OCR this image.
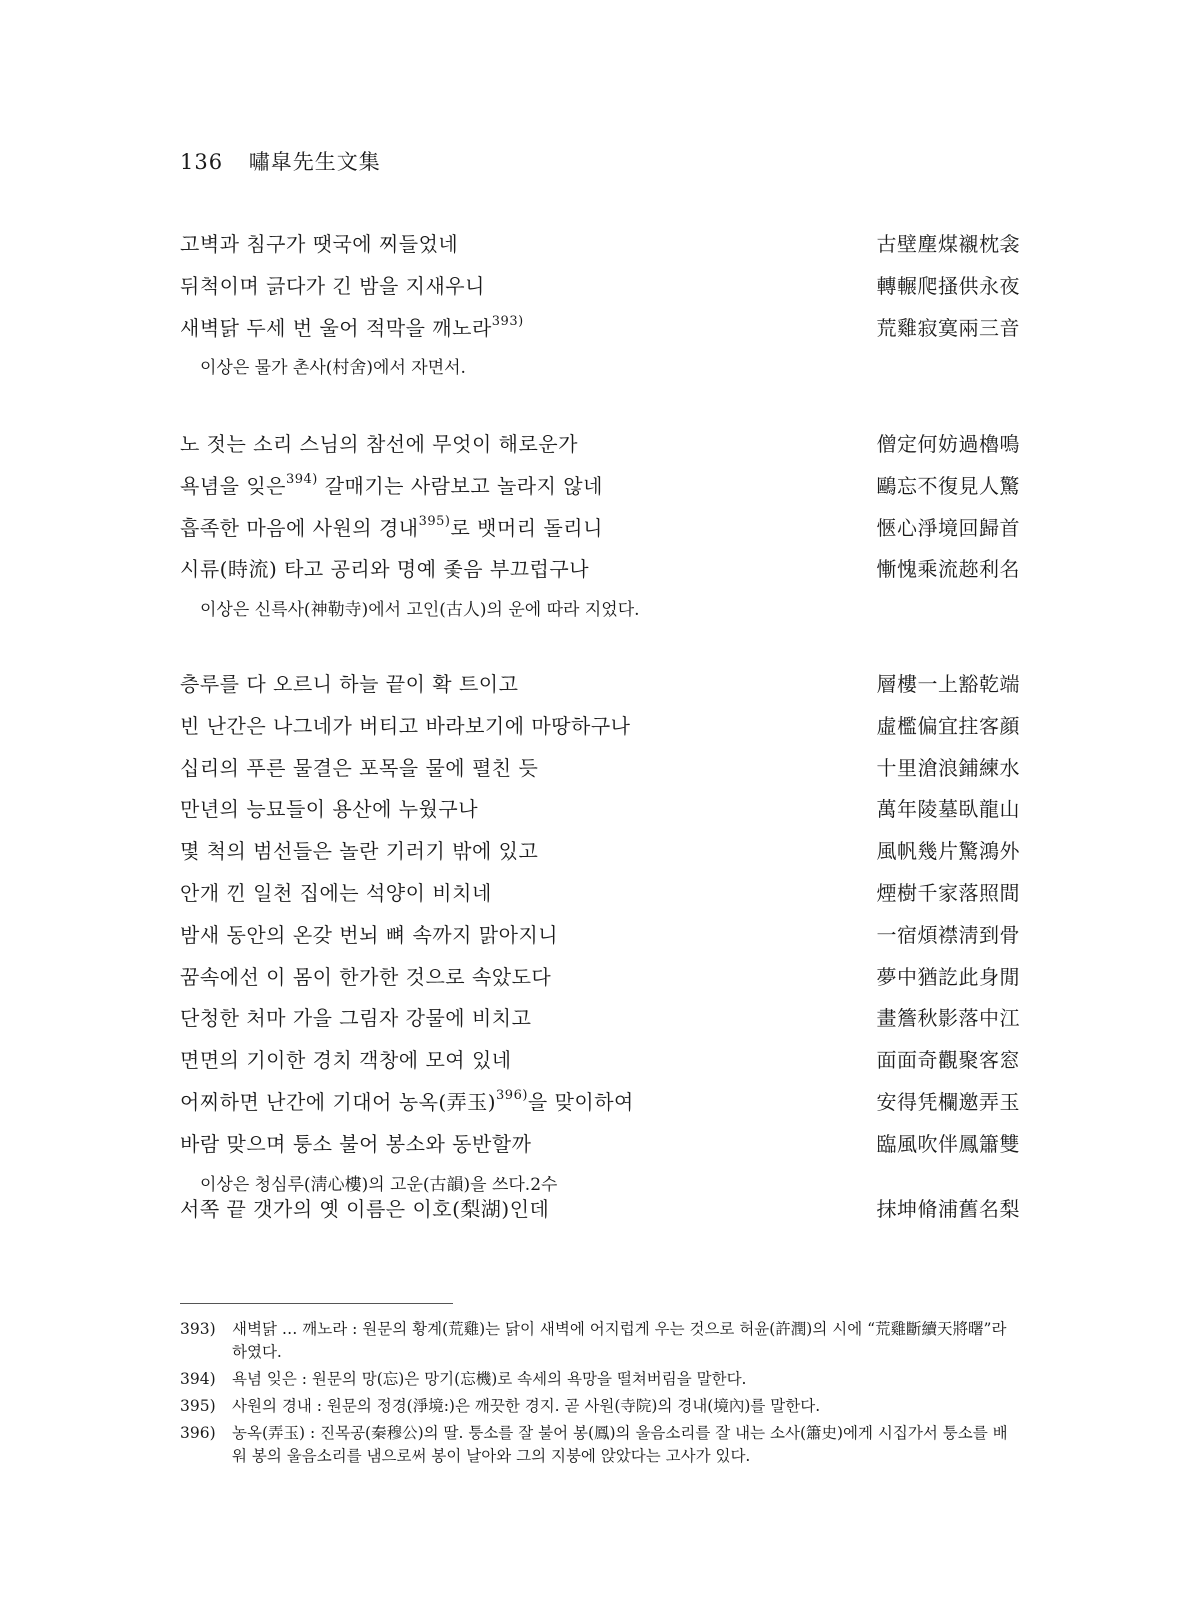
136 嘯皐先生文集
고벽과 침구가 땟국에 찌들었네	古壁塵煤襯枕衾
뒤척이며 긁다가 긴 밤을 지새우니	轉輾爬搔供永夜
새벽닭 두세 번 울어 적막을 깨노라$^{393)}$	荒雞寂寞兩三音
이상은 물가 촌사(村舍)에서 자면서.
노 젓는 소리 스님의 참선에 무엇이 해로운가	僧定何妨過櫓鳴
욕념을 잊은$^{394)}$ 갈매기는 사람보고 놀라지 않네	鷗忘不復見人驚
흡족한 마음에 사원의 경내$^{395)}$로 뱃머리 돌리니	愜心淨境回歸首
시류(時流) 타고 공리와 명예 좇음 부끄럽구나	慚愧乘流趂利名
이상은 신륵사(神勒寺)에서 고인(古人)의 운에 따라 지었다.
층루를 다 오르니 하늘 끝이 확 트이고	層樓一上豁乾端
빈 난간은 나그네가 버티고 바라보기에 마땅하구나	虛檻偏宜拄客顔
십리의 푸른 물결은 포목을 물에 펼친 듯	十里滄浪鋪練水
만년의 능묘들이 용산에 누웠구나	萬年陵墓臥龍山
몇 척의 범선들은 놀란 기러기 밖에 있고	風帆幾片驚鴻外
안개 낀 일천 집에는 석양이 비치네	煙樹千家落照間
밤새 동안의 온갖 번뇌 뼈 속까지 맑아지니	一宿煩襟淸到骨
꿈속에선 이 몸이 한가한 것으로 속았도다	夢中猶訖此身閒
단청한 처마 가을 그림자 강물에 비치고	畫簷秋影落中江
면면의 기이한 경치 객창에 모여 있네	面面奇觀聚客窓
어찌하면 난간에 기대어 농옥(弄玉)$^{396)}$을 맞이하여	安得凭欄邀弄玉
바람 맞으며 퉁소 불어 봉소와 동반할까	臨風吹伴鳳簫雙
이상은 청심루(淸心樓)의 고운(古韻)을 쓰다.2수
서쪽 끝 갯가의 옛 이름은 이호(梨湖)인데	抹坤脩浦舊名梨
393) 새벽닭 … 깨노라 : 원문의 황계(荒雞)는 닭이 새벽에 어지럽게 우는 것으로 허윤(許潤)의 시에 “荒雞斷續天將曙”라 하였다.
394) 욕념 잊은 : 원문의 망(忘)은 망기(忘機)로 속세의 욕망을 떨쳐버림을 말한다.
395) 사원의 경내 : 원문의 정경(淨境:)은 깨끗한 경지. 곧 사원(寺院)의 경내(境內)를 말한다.
396) 농옥(弄玉) : 진목공(秦穆公)의 딸. 퉁소를 잘 불어 봉(鳳)의 울음소리를 잘 내는 소사(簫史)에게 시집가서 퉁소를 배워 봉의 울음소리를 냄으로써 봉이 날아와 그의 지붕에 앉았다는 고사가 있다.
